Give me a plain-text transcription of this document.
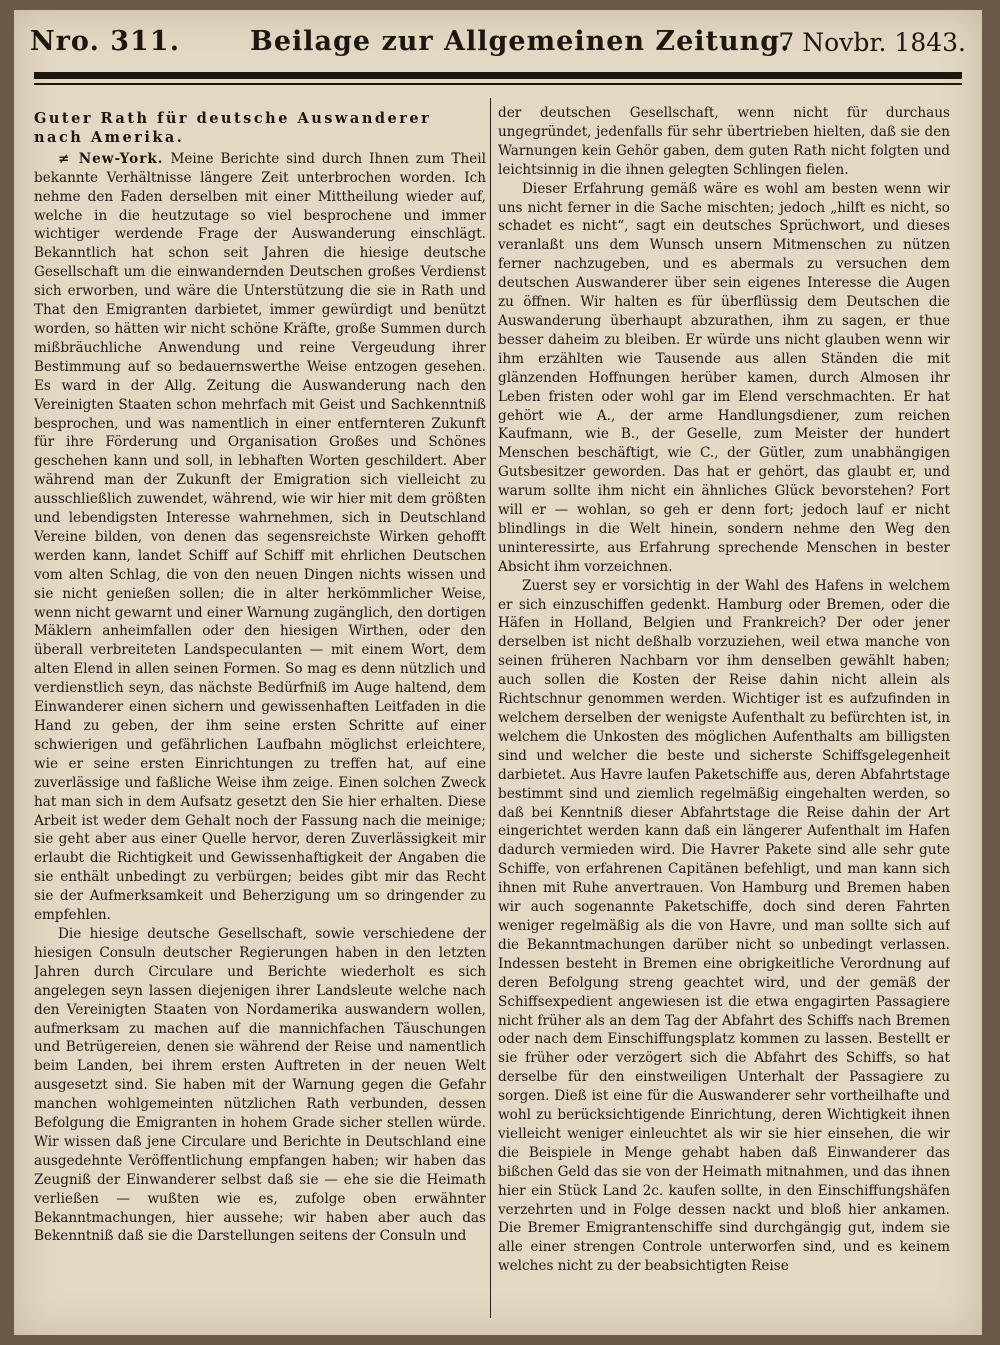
Nro. 311.	Beilage zur Allgemeinen Zeitung.
7 Novbr. 1843.
Guter Rath für deutsche Auswanderer nach Amerika.

≠ New-York. Meine Berichte sind durch Ihnen zum Theil bekannte Verhältnisse längere Zeit unterbrochen worden. Ich nehme den Faden derselben mit einer Mittheilung wieder auf, welche in die heutzutage so viel besprochene und immer wichtiger werdende Frage der Auswanderung einschlägt. Bekanntlich hat schon seit Jahren die hiesige deutsche Gesellschaft um die einwandernden Deutschen großes Verdienst sich erworben, und wäre die Unterstützung die sie in Rath und That den Emigranten darbietet, immer gewürdigt und benützt worden, so hätten wir nicht schöne Kräfte, große Summen durch mißbräuchliche Anwendung und reine Vergeudung ihrer Bestimmung auf so bedauernswerthe Weise entzogen gesehen. Es ward in der Allg. Zeitung die Auswanderung nach den Vereinigten Staaten schon mehrfach mit Geist und Sachkenntniß besprochen, und was namentlich in einer entfernteren Zukunft für ihre Förderung und Organisation Großes und Schönes geschehen kann und soll, in lebhaften Worten geschildert. Aber während man der Zukunft der Emigration sich vielleicht zu ausschließlich zuwendet, während, wie wir hier mit dem größten und lebendigsten Interesse wahrnehmen, sich in Deutschland Vereine bilden, von denen das segensreichste Wirken gehofft werden kann, landet Schiff auf Schiff mit ehrlichen Deutschen vom alten Schlag, die von den neuen Dingen nichts wissen und sie nicht genießen sollen; die in alter herkömmlicher Weise, wenn nicht gewarnt und einer Warnung zugänglich, den dortigen Mäklern anheimfallen oder den hiesigen Wirthen, oder den überall verbreiteten Landspeculanten — mit einem Wort, dem alten Elend in allen seinen Formen. So mag es denn nützlich und verdienstlich seyn, das nächste Bedürfniß im Auge haltend, dem Einwanderer einen sichern und gewissenhaften Leitfaden in die Hand zu geben, der ihm seine ersten Schritte auf einer schwierigen und gefährlichen Laufbahn möglichst erleichtere, wie er seine ersten Einrichtungen zu treffen hat, auf eine zuverlässige und faßliche Weise ihm zeige. Einen solchen Zweck hat man sich in dem Aufsatz gesetzt den Sie hier erhalten. Diese Arbeit ist weder dem Gehalt noch der Fassung nach die meinige; sie geht aber aus einer Quelle hervor, deren Zuverlässigkeit mir erlaubt die Richtigkeit und Gewissenhaftigkeit der Angaben die sie enthält unbedingt zu verbürgen; beides gibt mir das Recht sie der Aufmerksamkeit und Beherzigung um so dringender zu empfehlen.

Die hiesige deutsche Gesellschaft, sowie verschiedene der hiesigen Consuln deutscher Regierungen haben in den letzten Jahren durch Circulare und Berichte wiederholt es sich angelegen seyn lassen diejenigen ihrer Landsleute welche nach den Vereinigten Staaten von Nordamerika auswandern wollen, aufmerksam zu machen auf die mannichfachen Täuschungen und Betrügereien, denen sie während der Reise und namentlich beim Landen, bei ihrem ersten Auftreten in der neuen Welt ausgesetzt sind. Sie haben mit der Warnung gegen die Gefahr manchen wohlgemeinten nützlichen Rath verbunden, dessen Befolgung die Emigranten in hohem Grade sicher stellen würde. Wir wissen daß jene Circulare und Berichte in Deutschland eine ausgedehnte Veröffentlichung empfangen haben; wir haben das Zeugniß der Einwanderer selbst daß sie — ehe sie die Heimath verließen — wußten wie es, zufolge oben erwähnter Bekanntmachungen, hier aussehe; wir haben aber auch das Bekenntniß daß sie die Darstellungen seitens der Consuln und

der deutschen Gesellschaft, wenn nicht für durchaus ungegründet, jedenfalls für sehr übertrieben hielten, daß sie den Warnungen kein Gehör gaben, dem guten Rath nicht folgten und leichtsinnig in die ihnen gelegten Schlingen fielen.

Dieser Erfahrung gemäß wäre es wohl am besten wenn wir uns nicht ferner in die Sache mischten; jedoch „hilft es nicht, so schadet es nicht“, sagt ein deutsches Sprüchwort, und dieses veranlaßt uns dem Wunsch unsern Mitmenschen zu nützen ferner nachzugeben, und es abermals zu versuchen dem deutschen Auswanderer über sein eigenes Interesse die Augen zu öffnen. Wir halten es für überflüssig dem Deutschen die Auswanderung überhaupt abzurathen, ihm zu sagen, er thue besser daheim zu bleiben. Er würde uns nicht glauben wenn wir ihm erzählten wie Tausende aus allen Ständen die mit glänzenden Hoffnungen herüber kamen, durch Almosen ihr Leben fristen oder wohl gar im Elend verschmachten. Er hat gehört wie A., der arme Handlungsdiener, zum reichen Kaufmann, wie B., der Geselle, zum Meister der hundert Menschen beschäftigt, wie C., der Gütler, zum unabhängigen Gutsbesitzer geworden. Das hat er gehört, das glaubt er, und warum sollte ihm nicht ein ähnliches Glück bevorstehen? Fort will er — wohlan, so geh er denn fort; jedoch lauf er nicht blindlings in die Welt hinein, sondern nehme den Weg den uninteressirte, aus Erfahrung sprechende Menschen in bester Absicht ihm vorzeichnen.

Zuerst sey er vorsichtig in der Wahl des Hafens in welchem er sich einzuschiffen gedenkt. Hamburg oder Bremen, oder die Häfen in Holland, Belgien und Frankreich? Der oder jener derselben ist nicht deßhalb vorzuziehen, weil etwa manche von seinen früheren Nachbarn vor ihm denselben gewählt haben; auch sollen die Kosten der Reise dahin nicht allein als Richtschnur genommen werden. Wichtiger ist es aufzufinden in welchem derselben der wenigste Aufenthalt zu befürchten ist, in welchem die Unkosten des möglichen Aufenthalts am billigsten sind und welcher die beste und sicherste Schiffsgelegenheit darbietet. Aus Havre laufen Paketschiffe aus, deren Abfahrtstage bestimmt sind und ziemlich regelmäßig eingehalten werden, so daß bei Kenntniß dieser Abfahrtstage die Reise dahin der Art eingerichtet werden kann daß ein längerer Aufenthalt im Hafen dadurch vermieden wird. Die Havrer Pakete sind alle sehr gute Schiffe, von erfahrenen Capitänen befehligt, und man kann sich ihnen mit Ruhe anvertrauen. Von Hamburg und Bremen haben wir auch sogenannte Paketschiffe, doch sind deren Fahrten weniger regelmäßig als die von Havre, und man sollte sich auf die Bekanntmachungen darüber nicht so unbedingt verlassen. Indessen besteht in Bremen eine obrigkeitliche Verordnung auf deren Befolgung streng geachtet wird, und der gemäß der Schiffsexpedient angewiesen ist die etwa engagirten Passagiere nicht früher als an dem Tag der Abfahrt des Schiffs nach Bremen oder nach dem Einschiffungsplatz kommen zu lassen. Bestellt er sie früher oder verzögert sich die Abfahrt des Schiffs, so hat derselbe für den einstweiligen Unterhalt der Passagiere zu sorgen. Dieß ist eine für die Auswanderer sehr vortheilhafte und wohl zu berücksichtigende Einrichtung, deren Wichtigkeit ihnen vielleicht weniger einleuchtet als wir sie hier einsehen, die wir die Beispiele in Menge gehabt haben daß Einwanderer das bißchen Geld das sie von der Heimath mitnahmen, und das ihnen hier ein Stück Land 2c. kaufen sollte, in den Einschiffungshäfen verzehrten und in Folge dessen nackt und bloß hier ankamen. Die Bremer Emigrantenschiffe sind durchgängig gut, indem sie alle einer strengen Controle unterworfen sind, und es keinem welches nicht zu der beabsichtigten Reise
